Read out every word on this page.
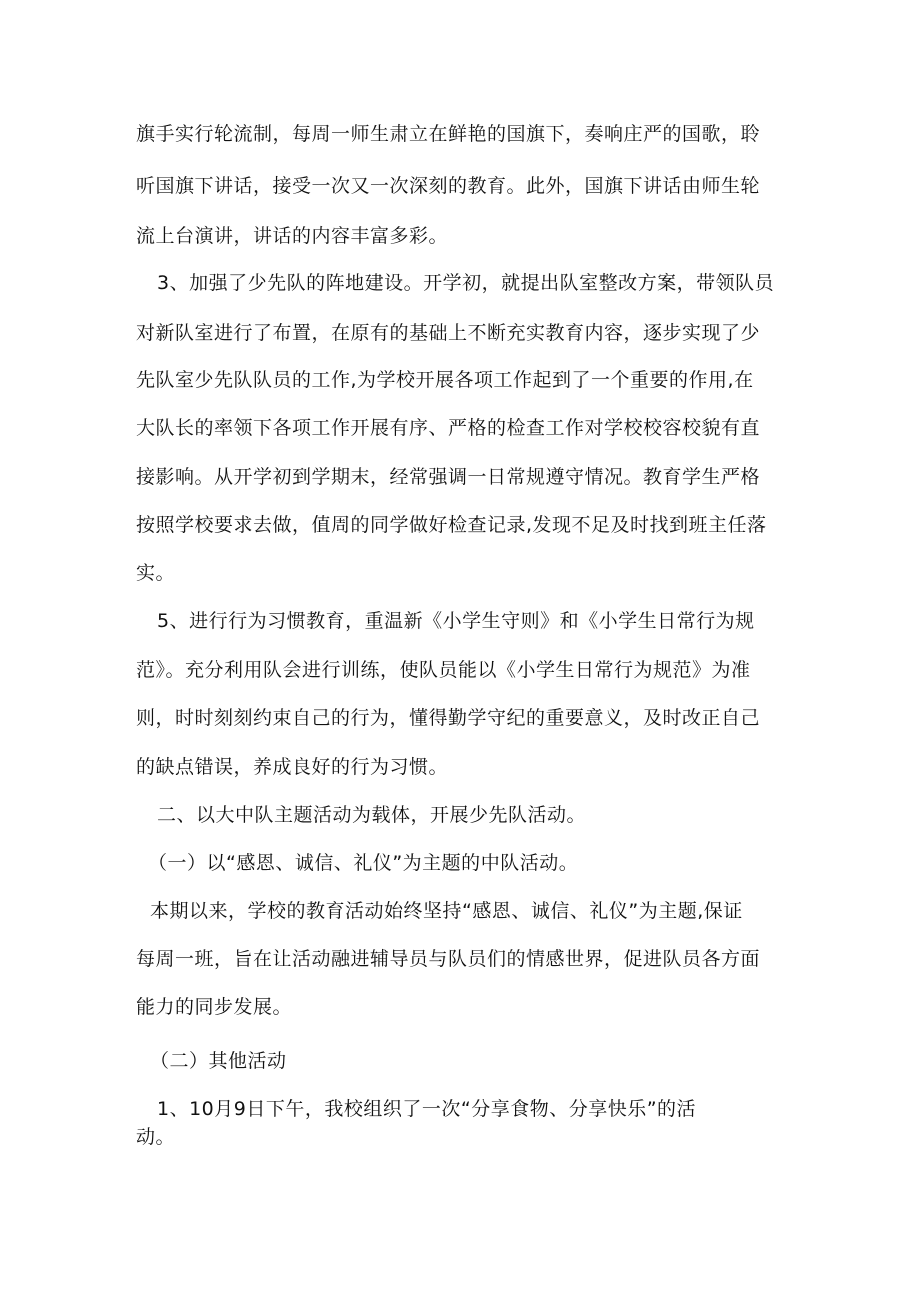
旗手实行轮流制，每周一师生肃立在鲜艳的国旗下，奏响庄严的国歌，聆
听国旗下讲话，接受一次又一次深刻的教育。此外，国旗下讲话由师生轮
流上台演讲，讲话的内容丰富多彩。
3、加强了少先队的阵地建设。开学初，就提出队室整改方案，带领队员
对新队室进行了布置，在原有的基础上不断充实教育内容，逐步实现了少
先队室少先队队员的工作,为学校开展各项工作起到了一个重要的作用,在
大队长的率领下各项工作开展有序、严格的检查工作对学校校容校貌有直
接影响。从开学初到学期末，经常强调一日常规遵守情况。教育学生严格
按照学校要求去做，值周的同学做好检查记录,发现不足及时找到班主任落
实。
5、进行行为习惯教育，重温新《小学生守则》和《小学生日常行为规
范》。充分利用队会进行训练，使队员能以《小学生日常行为规范》为准
则，时时刻刻约束自己的行为，懂得勤学守纪的重要意义，及时改正自己
的缺点错误，养成良好的行为习惯。
二、以大中队主题活动为载体，开展少先队活动。
（一）以“感恩、诚信、礼仪”为主题的中队活动。
本期以来，学校的教育活动始终坚持“感恩、诚信、礼仪”为主题,保证
每周一班，旨在让活动融进辅导员与队员们的情感世界，促进队员各方面
能力的同步发展。
（二）其他活动
1、10月9日下午，我校组织了一次“分享食物、分享快乐”的活
动。
